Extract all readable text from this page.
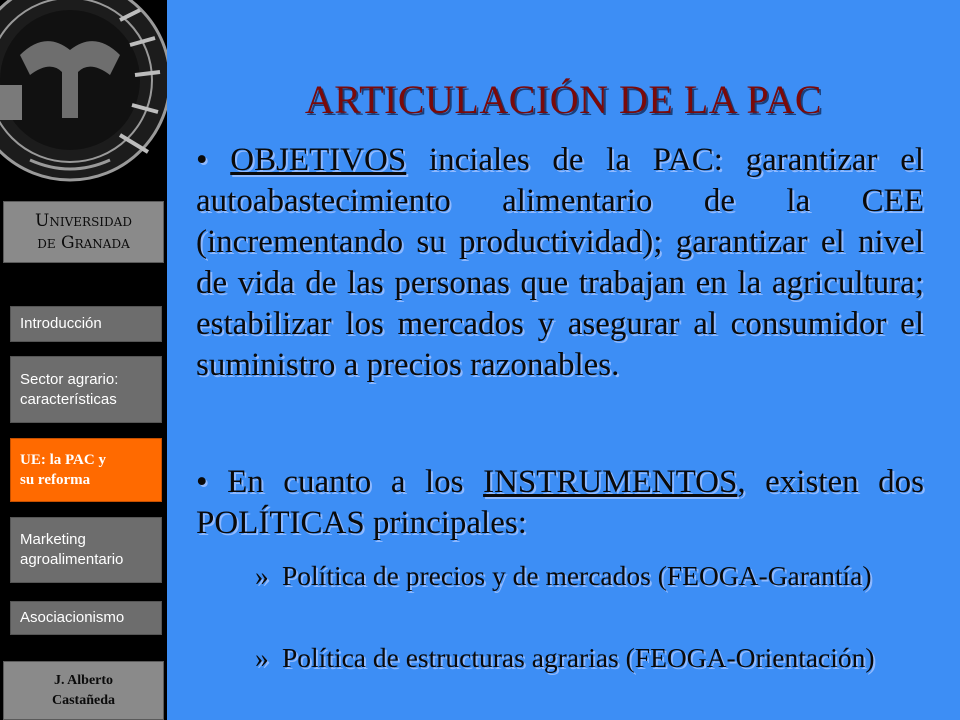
Universidad
de Granada
Introducción
Sector agrario:
características
UE: la PAC y
su reforma
Marketing
agroalimentario
Asociacionismo
J. Alberto
Castañeda
ARTICULACIÓN DE LA PAC

• OBJETIVOS inciales de la PAC: garantizar el autoabastecimiento alimentario de la CEE (incrementando su productividad); garantizar el nivel de vida de las personas que trabajan en la agricultura; estabilizar los mercados y asegurar al consumidor el suministro a precios razonables.

• En cuanto a los INSTRUMENTOS, existen dos POLÍTICAS principales:

» Política de precios y de mercados (FEOGA-Garantía)

» Política de estructuras agrarias (FEOGA-Orientación)
